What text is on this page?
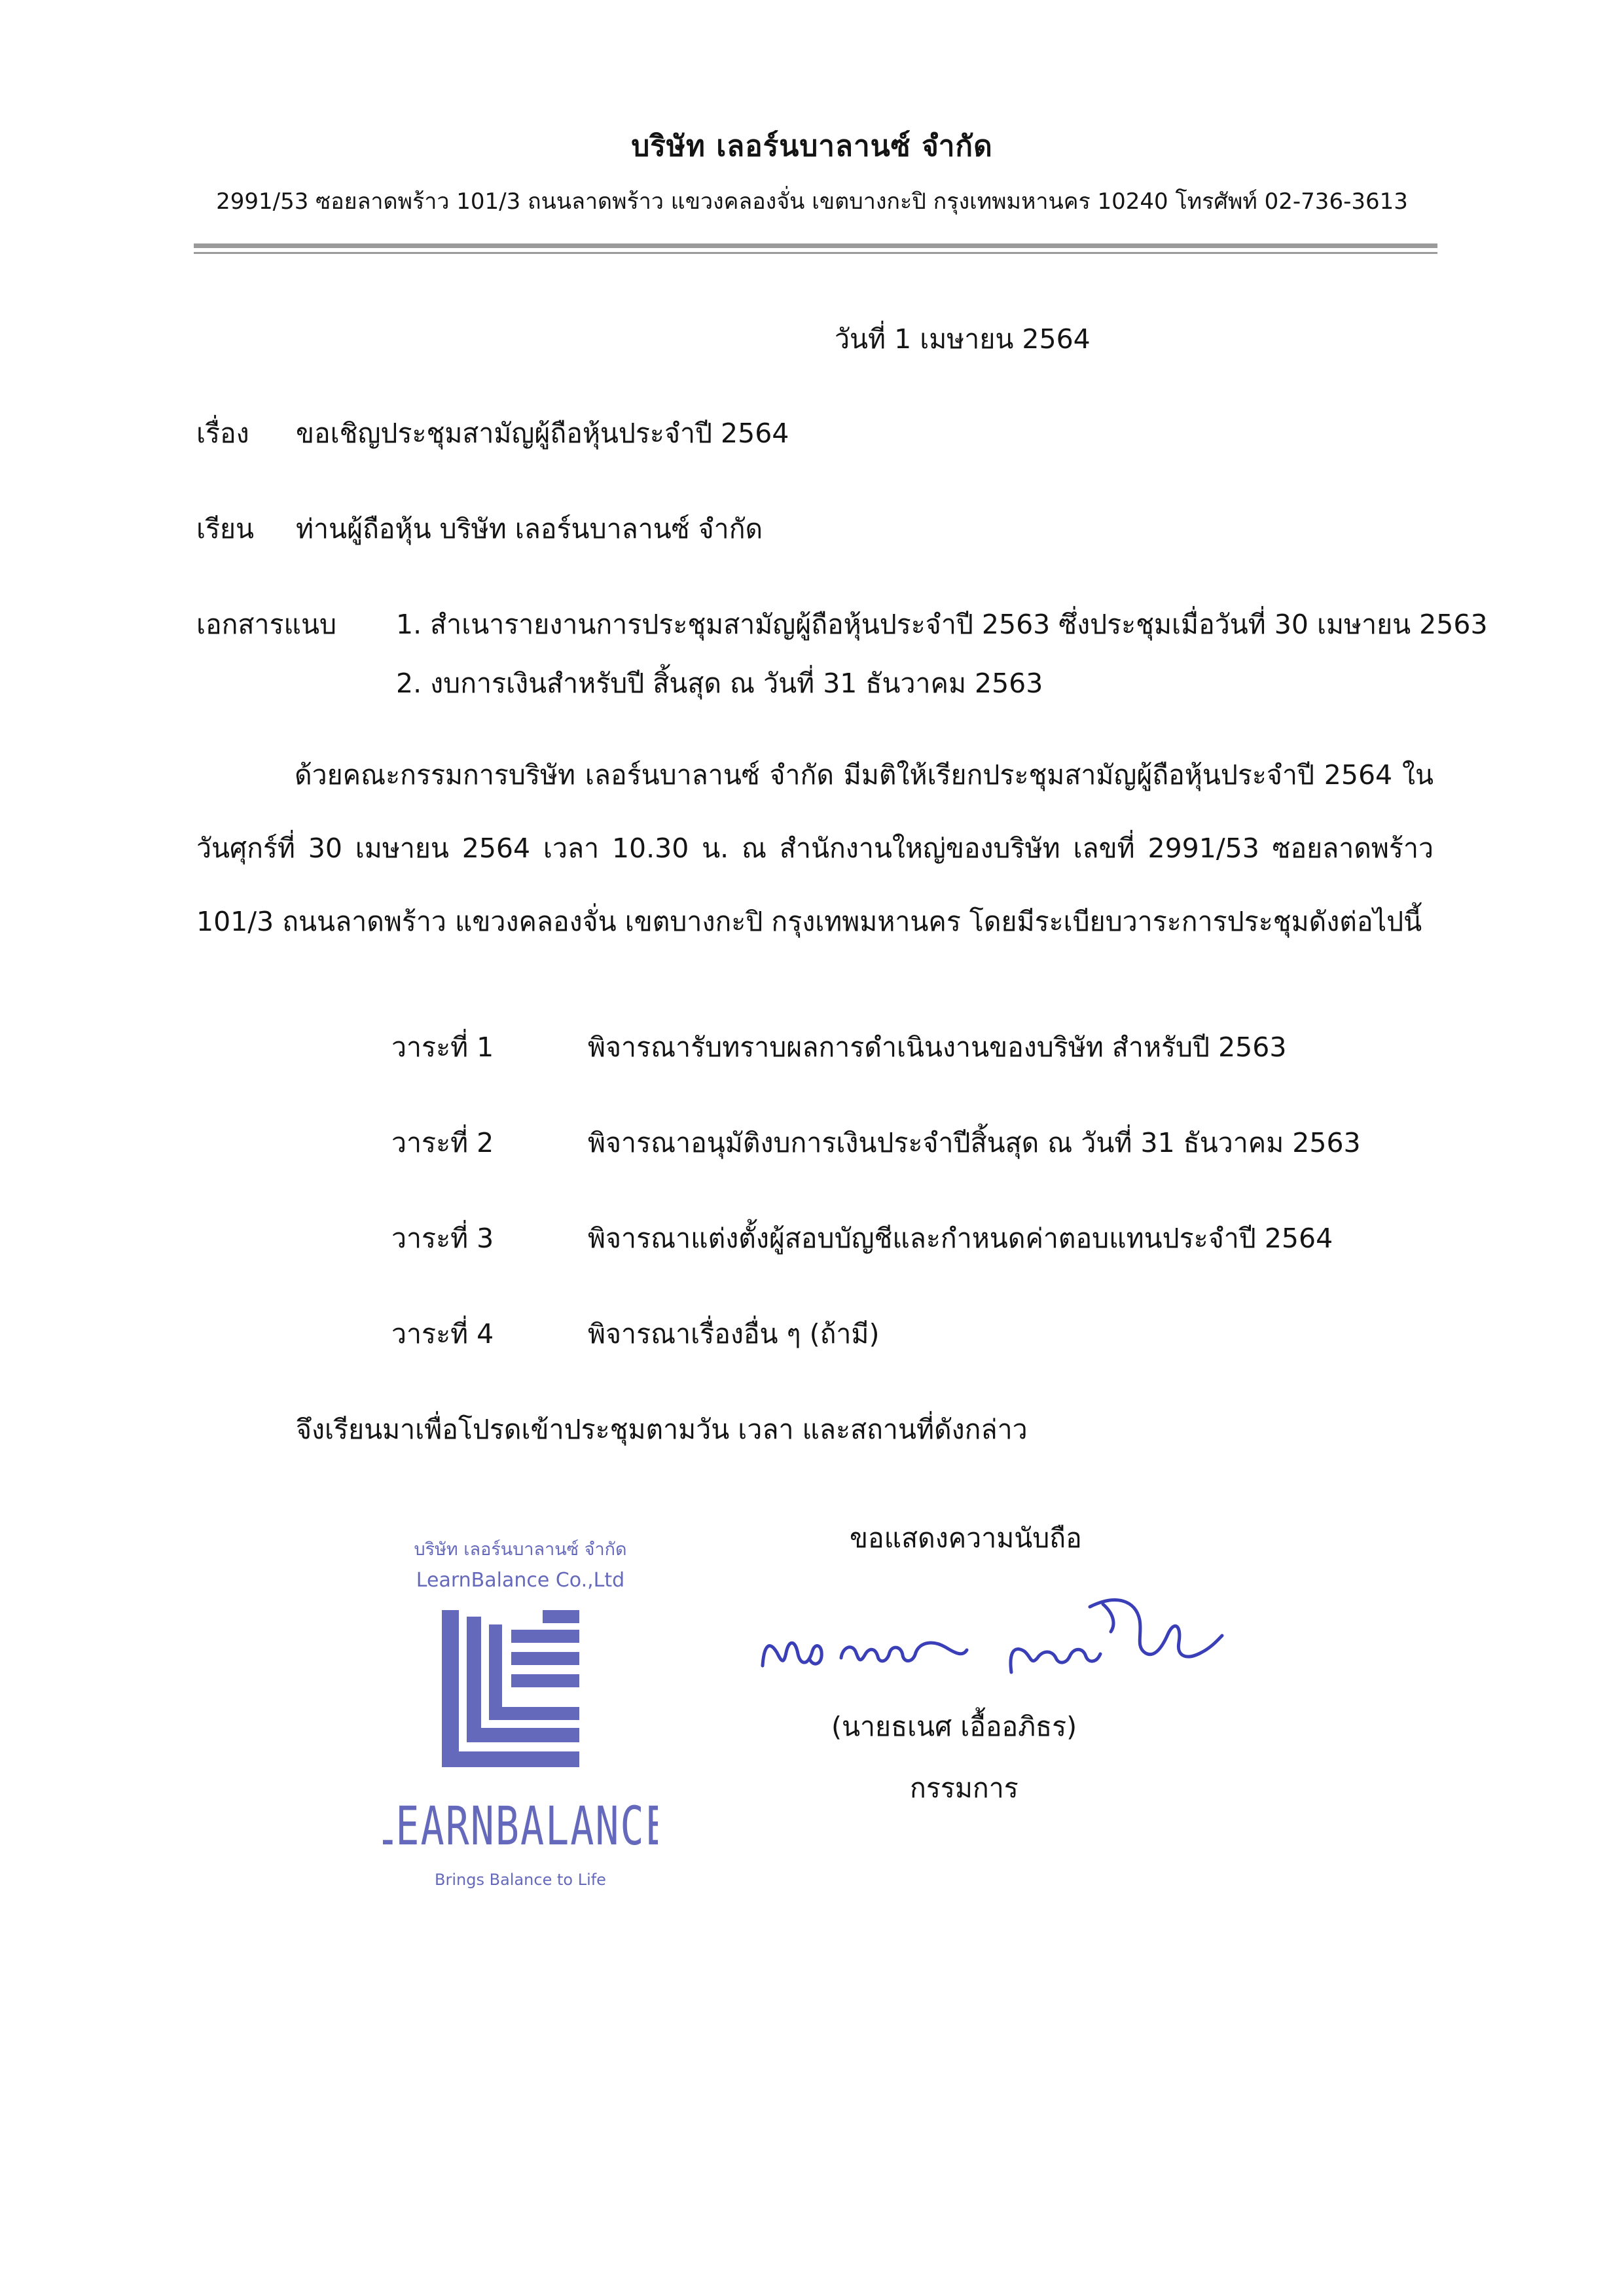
บริษัท เลอร์นบาลานซ์ จำกัด
2991/53 ซอยลาดพร้าว 101/3 ถนนลาดพร้าว แขวงคลองจั่น เขตบางกะปิ กรุงเทพมหานคร 10240 โทรศัพท์ 02-736-3613
วันที่ 1 เมษายน 2564
เรื่อง ขอเชิญประชุมสามัญผู้ถือหุ้นประจำปี 2564
เรียน ท่านผู้ถือหุ้น บริษัท เลอร์นบาลานซ์ จำกัด
เอกสารแนบ 1. สำเนารายงานการประชุมสามัญผู้ถือหุ้นประจำปี 2563 ซึ่งประชุมเมื่อวันที่ 30 เมษายน 2563
2. งบการเงินสำหรับปี สิ้นสุด ณ วันที่ 31 ธันวาคม 2563
ด้วยคณะกรรมการบริษัท เลอร์นบาลานซ์ จำกัด มีมติให้เรียกประชุมสามัญผู้ถือหุ้นประจำปี 2564 ในวันศุกร์ที่ 30 เมษายน 2564 เวลา 10.30 น. ณ สำนักงานใหญ่ของบริษัท เลขที่ 2991/53 ซอยลาดพร้าว 101/3 ถนนลาดพร้าว แขวงคลองจั่น เขตบางกะปิ กรุงเทพมหานคร โดยมีระเบียบวาระการประชุมดังต่อไปนี้
วาระที่ 1	พิจารณารับทราบผลการดำเนินงานของบริษัท สำหรับปี 2563
วาระที่ 2	พิจารณาอนุมัติงบการเงินประจำปีสิ้นสุด ณ วันที่ 31 ธันวาคม 2563
วาระที่ 3	พิจารณาแต่งตั้งผู้สอบบัญชีและกำหนดค่าตอบแทนประจำปี 2564
วาระที่ 4	พิจารณาเรื่องอื่น ๆ (ถ้ามี)
จึงเรียนมาเพื่อโปรดเข้าประชุมตามวัน เวลา และสถานที่ดังกล่าว
ขอแสดงความนับถือ
บริษัท เลอร์นบาลานซ์ จำกัด
LearnBalance Co.,Ltd
LEARNBALANCE
Brings Balance to Life
(นายธเนศ เอื้ออภิธร)
กรรมการ
